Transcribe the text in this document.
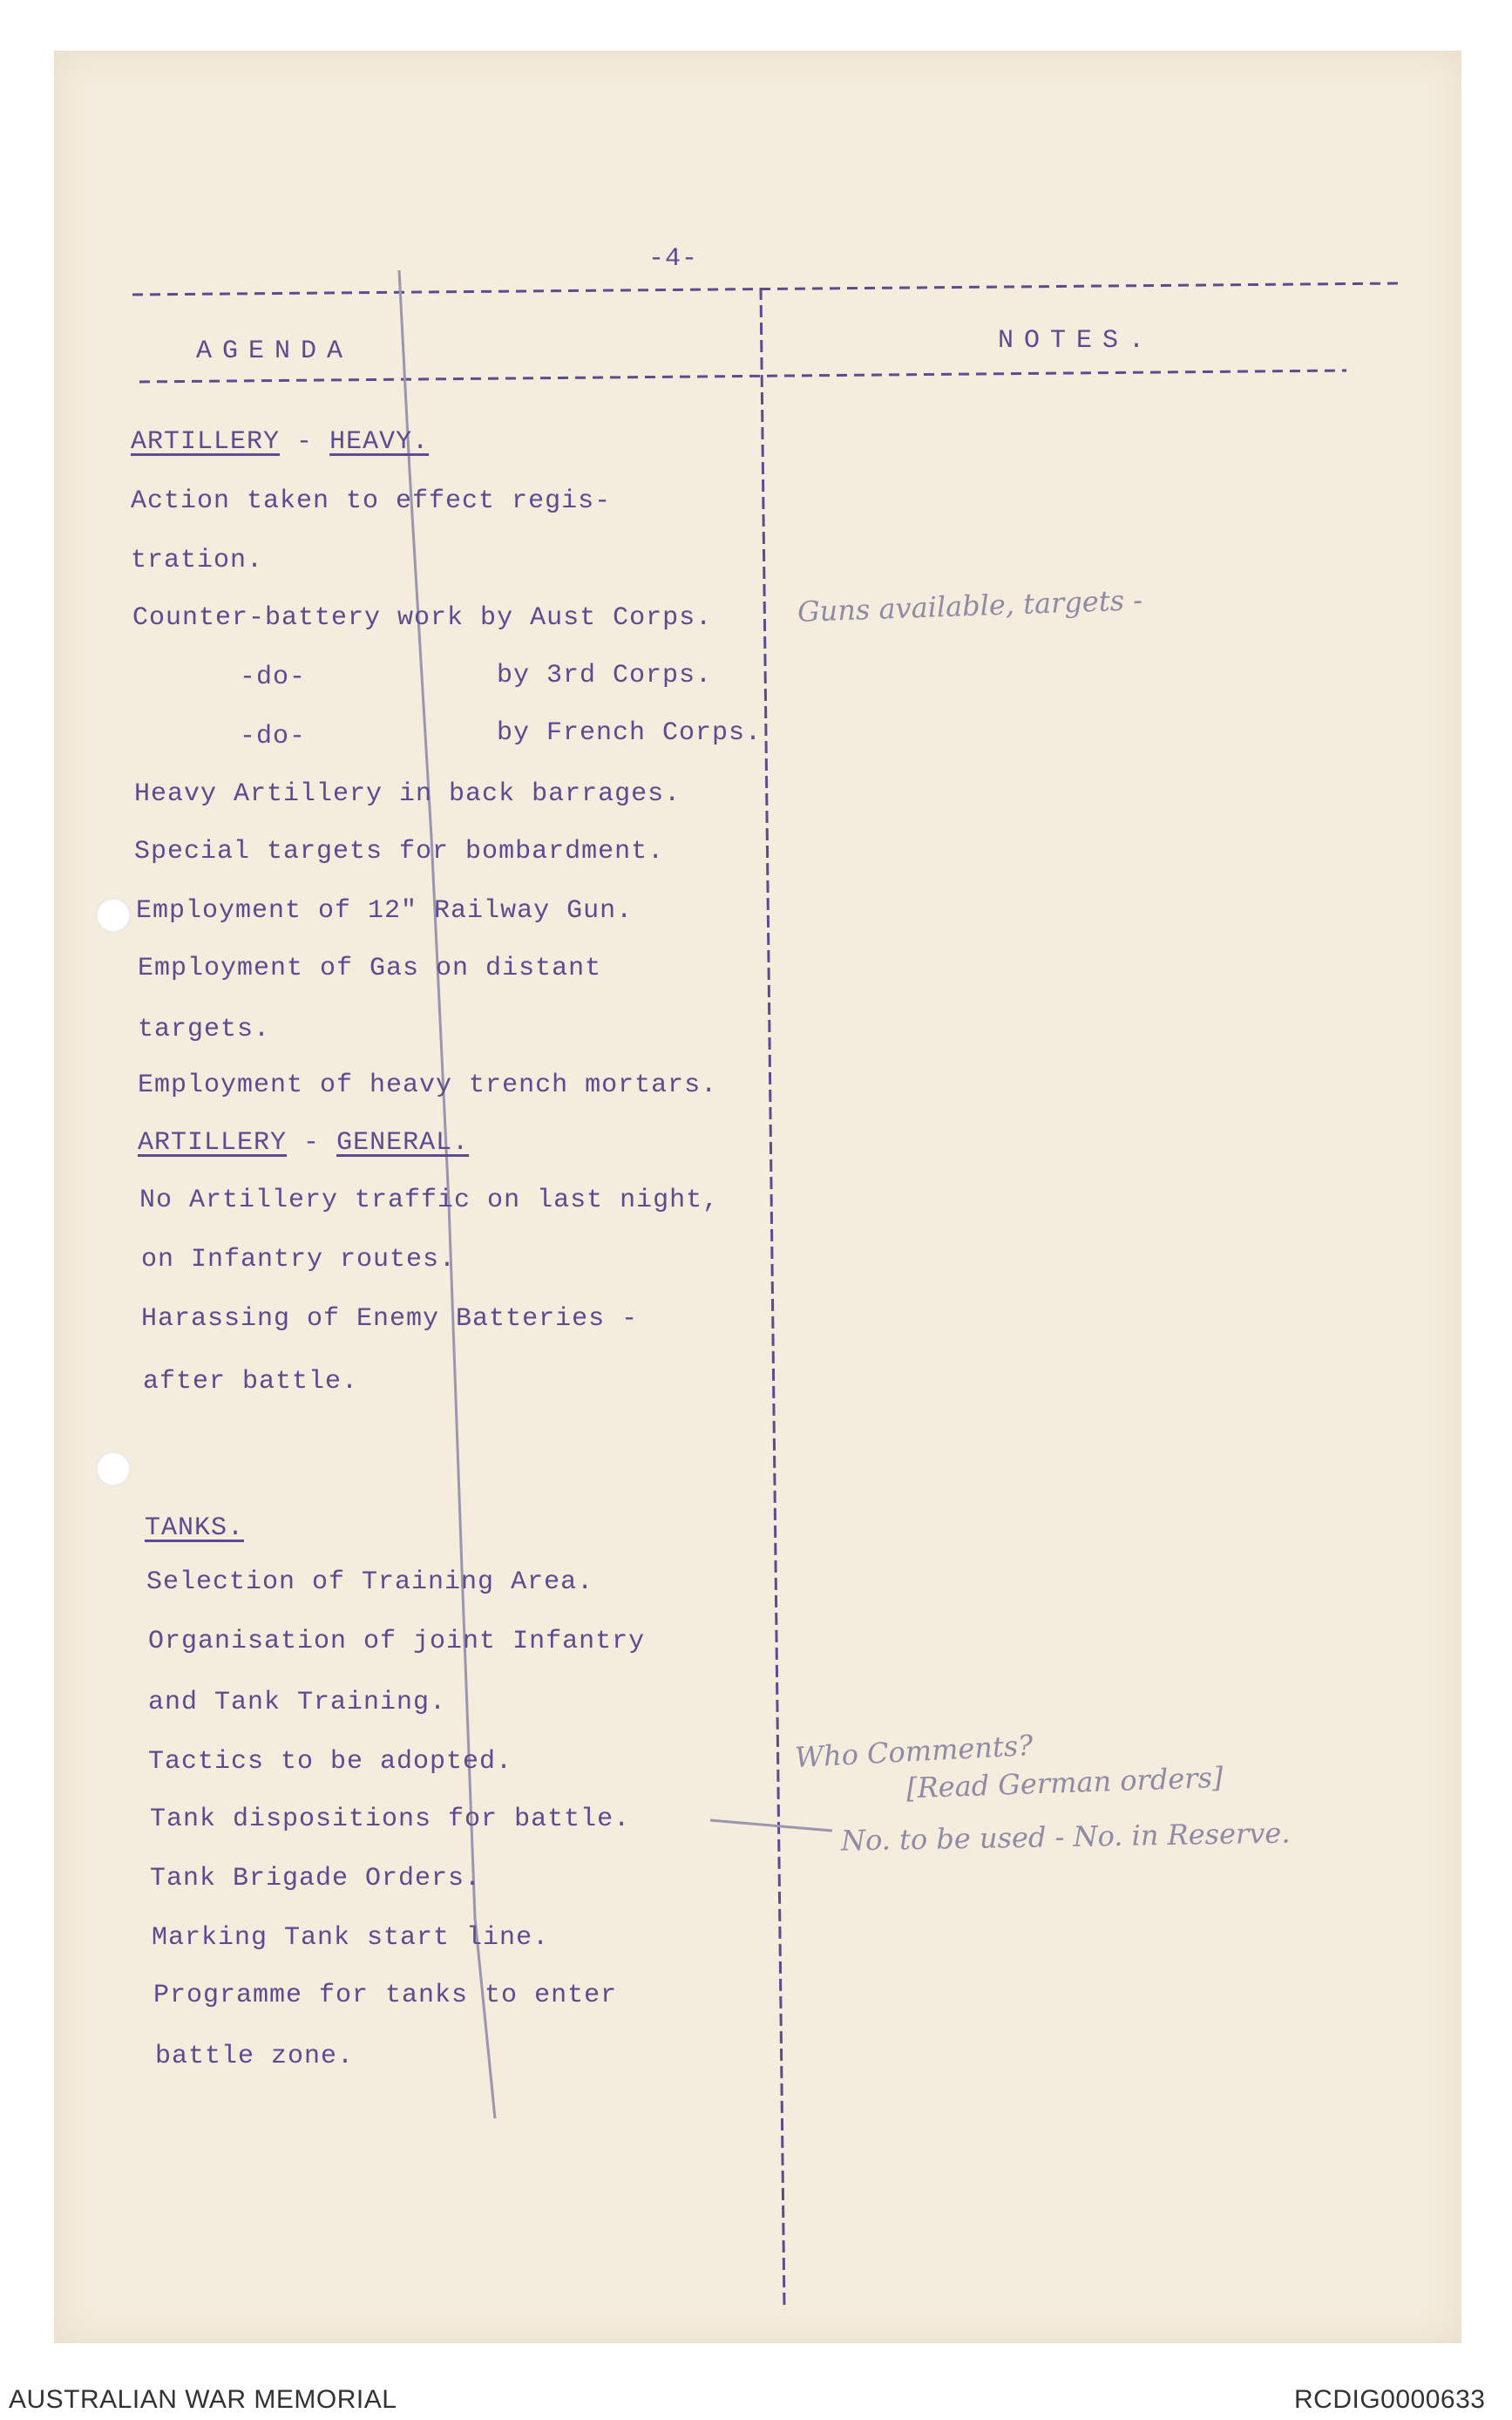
-4-
AGENDA	NOTES.
ARTILLERY - HEAVY.
Action taken to effect regis-
tration.
Counter-battery work by Aust Corps.
-do-	by 3rd Corps.
-do-	by French Corps.
Heavy Artillery in back barrages.
Special targets for bombardment.
Employment of 12" Railway Gun.
Employment of Gas on distant
targets.
Employment of heavy trench mortars.
ARTILLERY - GENERAL.
No Artillery traffic on last night,
on Infantry routes.
Harassing of Enemy Batteries -
after battle.
TANKS.
Selection of Training Area.
Organisation of joint Infantry
and Tank Training.
Tactics to be adopted.
Tank dispositions for battle.
Tank Brigade Orders.
Marking Tank start line.
Programme for tanks to enter
battle zone.
Guns available, targets -
Who Comments?
[Read German orders]
No. to be used - No. in Reserve.
AUSTRALIAN WAR MEMORIAL	RCDIG0000633
